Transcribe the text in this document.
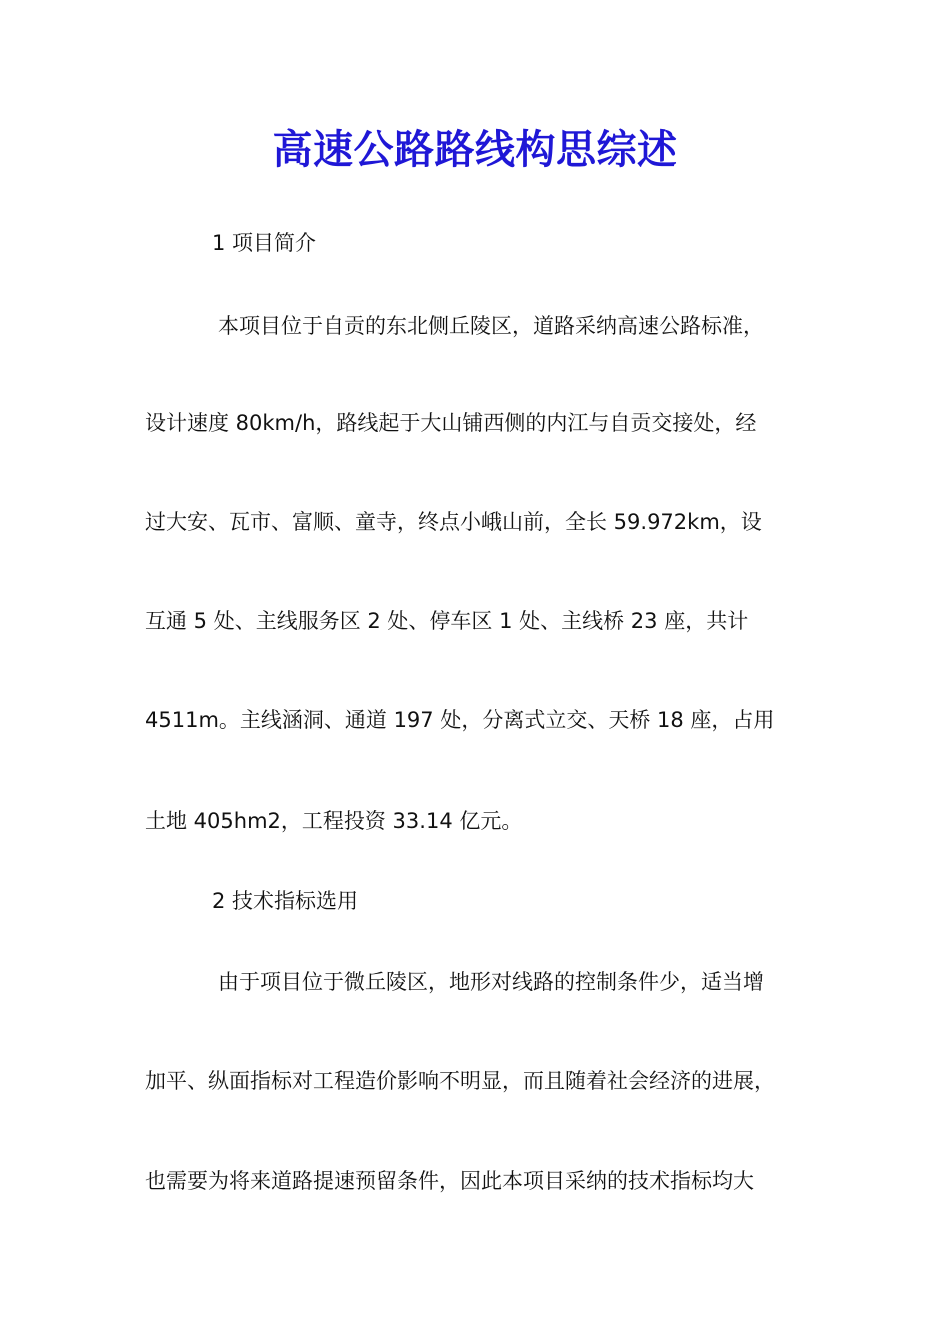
高速公路路线构思综述
1 项目简介
本项目位于自贡的东北侧丘陵区，道路采纳高速公路标准，
设计速度 80km/h，路线起于大山铺西侧的内江与自贡交接处，经
过大安、瓦市、富顺、童寺，终点小峨山前，全长 59.972km，设
互通 5 处、主线服务区 2 处、停车区 1 处、主线桥 23 座，共计
4511m。主线涵洞、通道 197 处，分离式立交、天桥 18 座，占用
土地 405hm2，工程投资 33.14 亿元。
2 技术指标选用
由于项目位于微丘陵区，地形对线路的控制条件少，适当增
加平、纵面指标对工程造价影响不明显，而且随着社会经济的进展，
也需要为将来道路提速预留条件，因此本项目采纳的技术指标均大
